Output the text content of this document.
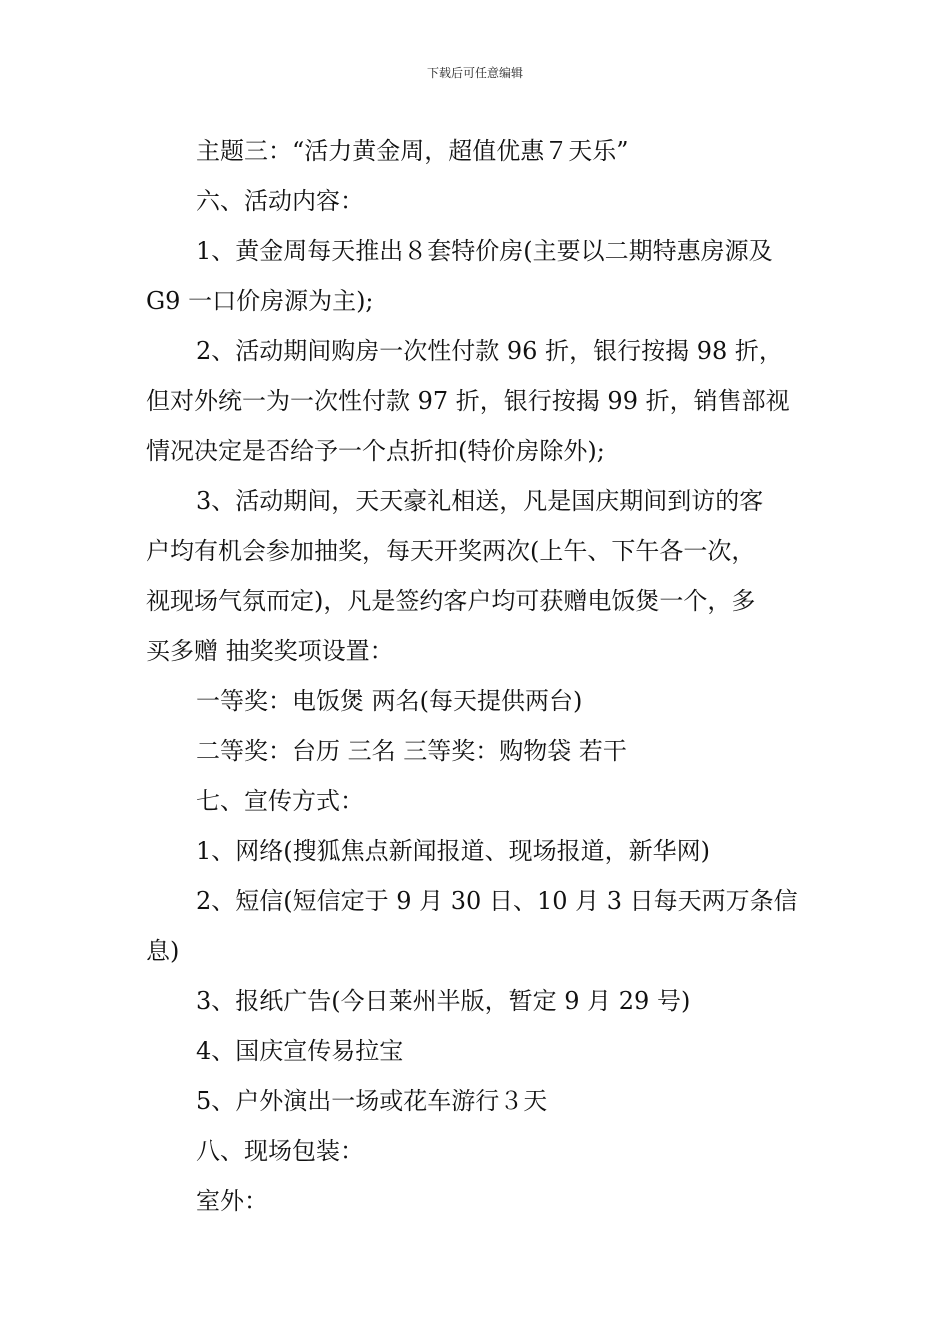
下载后可任意编辑

主题三：“活力黄金周，超值优惠７天乐”

六、活动内容：

1、黄金周每天推出８套特价房(主要以二期特惠房源及

G9 一口价房源为主);

2、活动期间购房一次性付款 96 折，银行按揭 98 折，

但对外统一为一次性付款 97 折，银行按揭 99 折，销售部视

情况决定是否给予一个点折扣(特价房除外);

3、活动期间，天天豪礼相送，凡是国庆期间到访的客

户均有机会参加抽奖，每天开奖两次(上午、下午各一次，

视现场气氛而定)，凡是签约客户均可获赠电饭煲一个，多

买多赠 抽奖奖项设置：

一等奖：电饭煲 两名(每天提供两台)

二等奖：台历 三名 三等奖：购物袋 若干

七、宣传方式：

1、网络(搜狐焦点新闻报道、现场报道，新华网)

2、短信(短信定于 9 月 30 日、10 月 3 日每天两万条信

息)

3、报纸广告(今日莱州半版，暂定 9 月 29 号)

4、国庆宣传易拉宝

5、户外演出一场或花车游行３天

八、现场包装：

室外：
